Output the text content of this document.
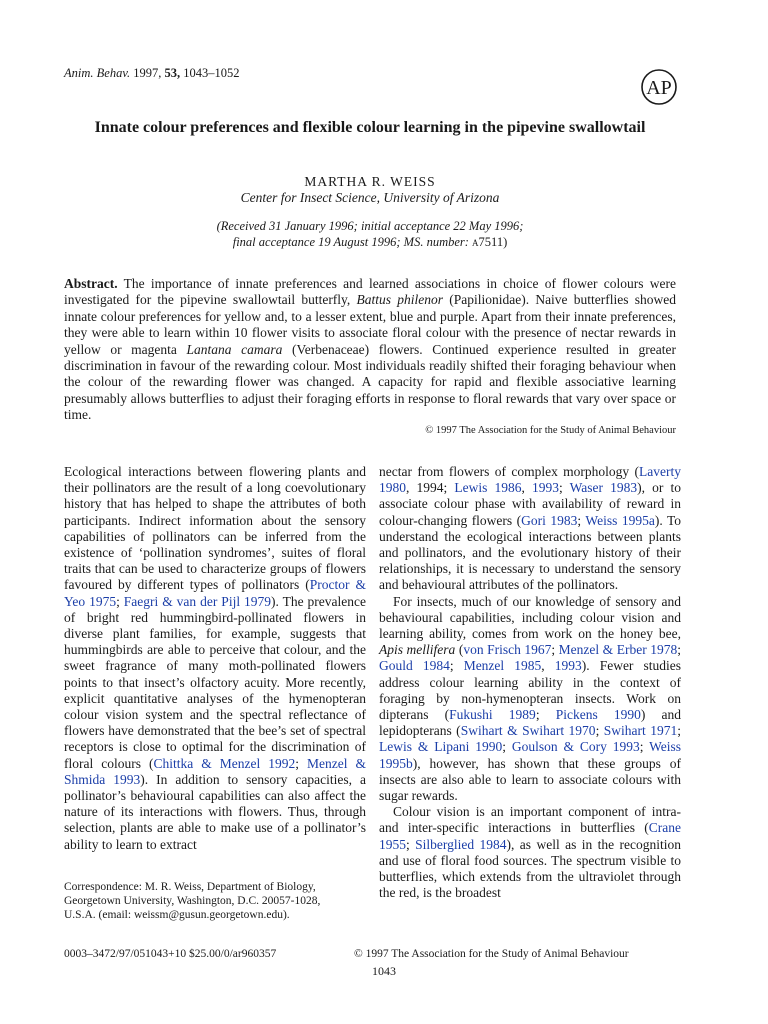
Anim. Behav. 1997, 53, 1043–1052
AP
Innate colour preferences and flexible colour learning in the pipevine swallowtail
MARTHA R. WEISS
Center for Insect Science, University of Arizona
(Received 31 January 1996; initial acceptance 22 May 1996;
final acceptance 19 August 1996; MS. number: a7511)
Abstract. The importance of innate preferences and learned associations in choice of flower colours were investigated for the pipevine swallowtail butterfly, Battus philenor (Papilionidae). Naive butterflies showed innate colour preferences for yellow and, to a lesser extent, blue and purple. Apart from their innate preferences, they were able to learn within 10 flower visits to associate floral colour with the presence of nectar rewards in yellow or magenta Lantana camara (Verbenaceae) flowers. Continued experience resulted in greater discrimination in favour of the rewarding colour. Most individuals readily shifted their foraging behaviour when the colour of the rewarding flower was changed. A capacity for rapid and flexible associative learning presumably allows butterflies to adjust their foraging efforts in response to floral rewards that vary over space or time.
© 1997 The Association for the Study of Animal Behaviour

Ecological interactions between flowering plants and their pollinators are the result of a long coevolutionary history that has helped to shape the attributes of both participants. Indirect information about the sensory capabilities of pollinators can be inferred from the existence of ‘pollination syndromes’, suites of floral traits that can be used to characterize groups of flowers favoured by different types of pollinators (Proctor & Yeo 1975; Faegri & van der Pijl 1979). The prevalence of bright red hummingbird-pollinated flowers in diverse plant families, for example, suggests that hummingbirds are able to perceive that colour, and the sweet fragrance of many moth-pollinated flowers points to that insect’s olfactory acuity. More recently, explicit quantitative analyses of the hymenopteran colour vision system and the spectral reflectance of flowers have demonstrated that the bee’s set of spectral receptors is close to optimal for the discrimination of floral colours (Chittka & Menzel 1992; Menzel & Shmida 1993). In addition to sensory capacities, a pollinator’s behavioural capabilities can also affect the nature of its interactions with flowers. Thus, through selection, plants are able to make use of a pollinator’s ability to learn to extract

Correspondence: M. R. Weiss, Department of Biology,
Georgetown University, Washington, D.C. 20057-1028,
U.S.A. (email: weissm@gusun.georgetown.edu).

nectar from flowers of complex morphology (Laverty 1980, 1994; Lewis 1986, 1993; Waser 1983), or to associate colour phase with availability of reward in colour-changing flowers (Gori 1983; Weiss 1995a). To understand the ecological interactions between plants and pollinators, and the evolutionary history of their relationships, it is necessary to understand the sensory and behavioural attributes of the pollinators.

For insects, much of our knowledge of sensory and behavioural capabilities, including colour vision and learning ability, comes from work on the honey bee, Apis mellifera (von Frisch 1967; Menzel & Erber 1978; Gould 1984; Menzel 1985, 1993). Fewer studies address colour learning ability in the context of foraging by non-hymenopteran insects. Work on dipterans (Fukushi 1989; Pickens 1990) and lepidopterans (Swihart & Swihart 1970; Swihart 1971; Lewis & Lipani 1990; Goulson & Cory 1993; Weiss 1995b), however, has shown that these groups of insects are also able to learn to associate colours with sugar rewards.

Colour vision is an important component of intra- and inter-specific interactions in butterflies (Crane 1955; Silberglied 1984), as well as in the recognition and use of floral food sources. The spectrum visible to butterflies, which extends from the ultraviolet through the red, is the broadest

0003–3472/97/051043+10 $25.00/0/ar960357	© 1997 The Association for the Study of Animal Behaviour
1043
